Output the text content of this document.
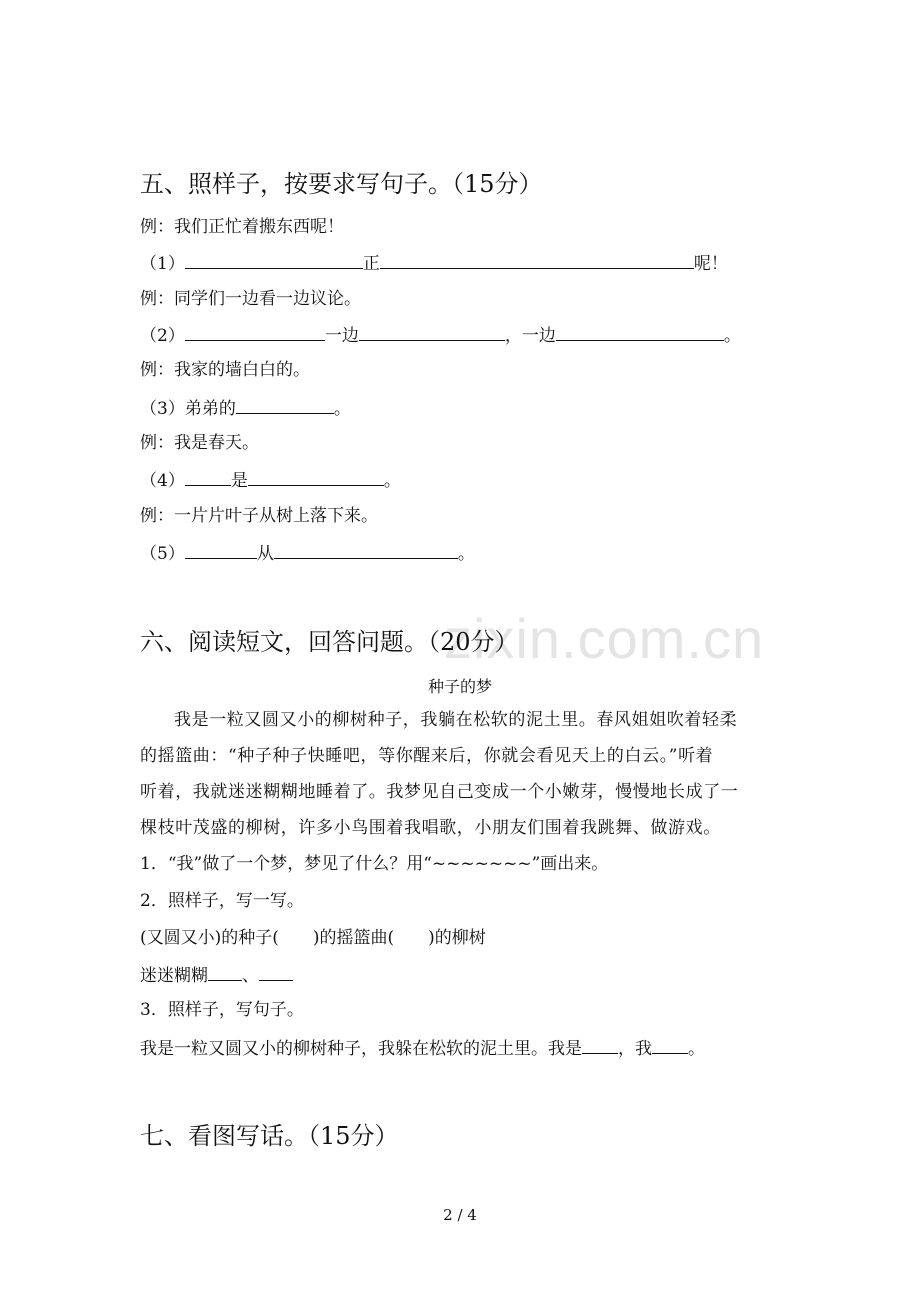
zixin.com.cn
五、照样子，按要求写句子。（15分）
例：我们正忙着搬东西呢！
（1）	正	呢！
例：同学们一边看一边议论。
（2）	一边	，一边	。
例：我家的墙白白的。
（3）弟弟的	。
例：我是春天。
（4）	是	。
例：一片片叶子从树上落下来。
（5）	从	。
六、阅读短文，回答问题。（20分）
种子的梦
我是一粒又圆又小的柳树种子，我躺在松软的泥土里。春风姐姐吹着轻柔
的摇篮曲：“种子种子快睡吧，等你醒来后，你就会看见天上的白云。”听着
听着，我就迷迷糊糊地睡着了。我梦见自己变成一个小嫩芽，慢慢地长成了一
棵枝叶茂盛的柳树，许多小鸟围着我唱歌，小朋友们围着我跳舞、做游戏。
1．“我”做了一个梦，梦见了什么？用“~~~~~~~”画出来。
2．照样子，写一写。
(又圆又小)的种子(　　)的摇篮曲(　　)的柳树
迷迷糊糊 、
3．照样子，写句子。
我是一粒又圆又小的柳树种子，我躲在松软的泥土里。我是 ，我 。
七、看图写话。（15分）
2 / 4
